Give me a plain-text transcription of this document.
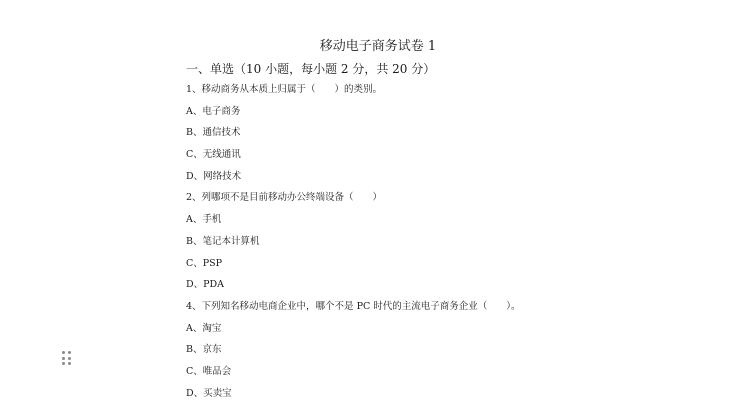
移动电子商务试卷 1
一、单选（10 小题，每小题 2 分，共 20 分）
1、移动商务从本质上归属于（　　）的类别。
A、电子商务
B、通信技术
C、无线通讯
D、网络技术
2、列哪项不是目前移动办公终端设备（　　）
A、手机
B、笔记本计算机
C、PSP
D、PDA
4、下列知名移动电商企业中，哪个不是 PC 时代的主流电子商务企业（　　）。
A、淘宝
B、京东
C、唯品会
D、买卖宝
